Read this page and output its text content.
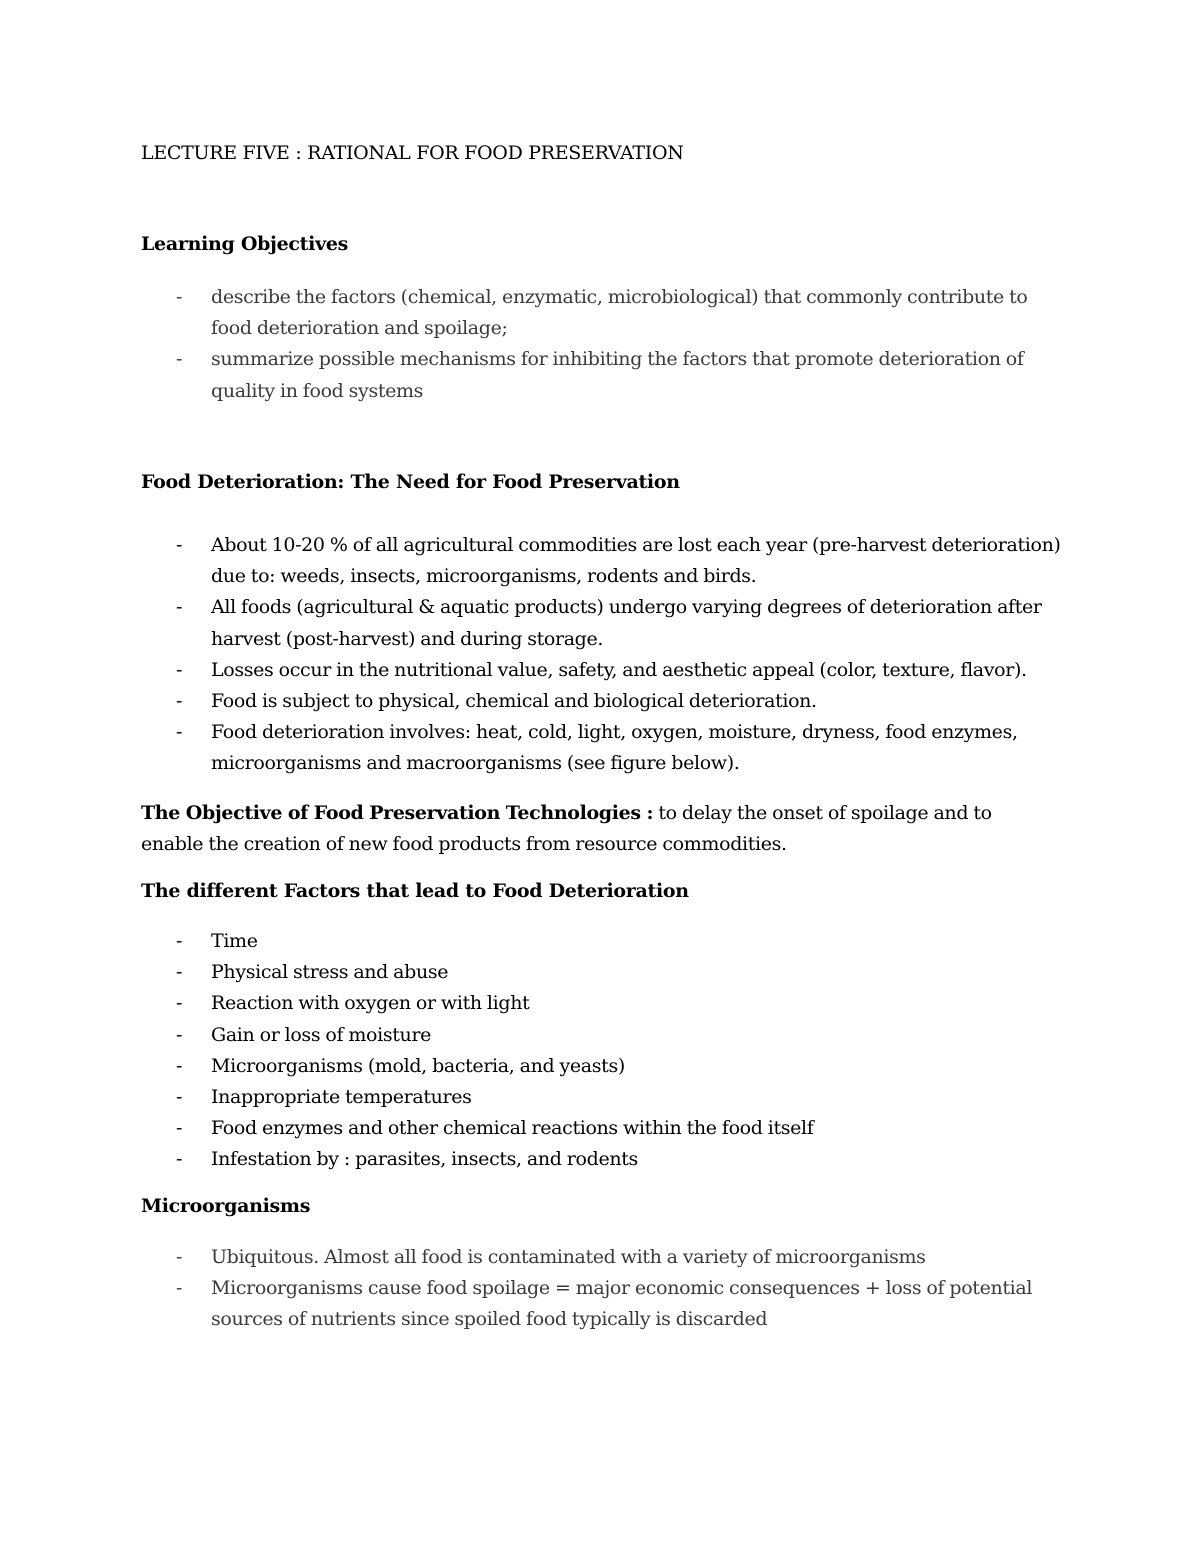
LECTURE FIVE : RATIONAL FOR FOOD PRESERVATION
Learning Objectives
- describe the factors (chemical, enzymatic, microbiological) that commonly contribute to food deterioration and spoilage;
- summarize possible mechanisms for inhibiting the factors that promote deterioration of quality in food systems
Food Deterioration: The Need for Food Preservation
- About 10-20 % of all agricultural commodities are lost each year (pre-harvest deterioration) due to: weeds, insects, microorganisms, rodents and birds.
- All foods (agricultural & aquatic products) undergo varying degrees of deterioration after harvest (post-harvest) and during storage.
- Losses occur in the nutritional value, safety, and aesthetic appeal (color, texture, flavor).
- Food is subject to physical, chemical and biological deterioration.
- Food deterioration involves: heat, cold, light, oxygen, moisture, dryness, food enzymes, microorganisms and macroorganisms (see figure below).

The Objective of Food Preservation Technologies : to delay the onset of spoilage and to enable the creation of new food products from resource commodities.

The different Factors that lead to Food Deterioration
- Time
- Physical stress and abuse
- Reaction with oxygen or with light
- Gain or loss of moisture
- Microorganisms (mold, bacteria, and yeasts)
- Inappropriate temperatures
- Food enzymes and other chemical reactions within the food itself
- Infestation by : parasites, insects, and rodents
Microorganisms
- Ubiquitous. Almost all food is contaminated with a variety of microorganisms
- Microorganisms cause food spoilage = major economic consequences + loss of potential sources of nutrients since spoiled food typically is discarded
